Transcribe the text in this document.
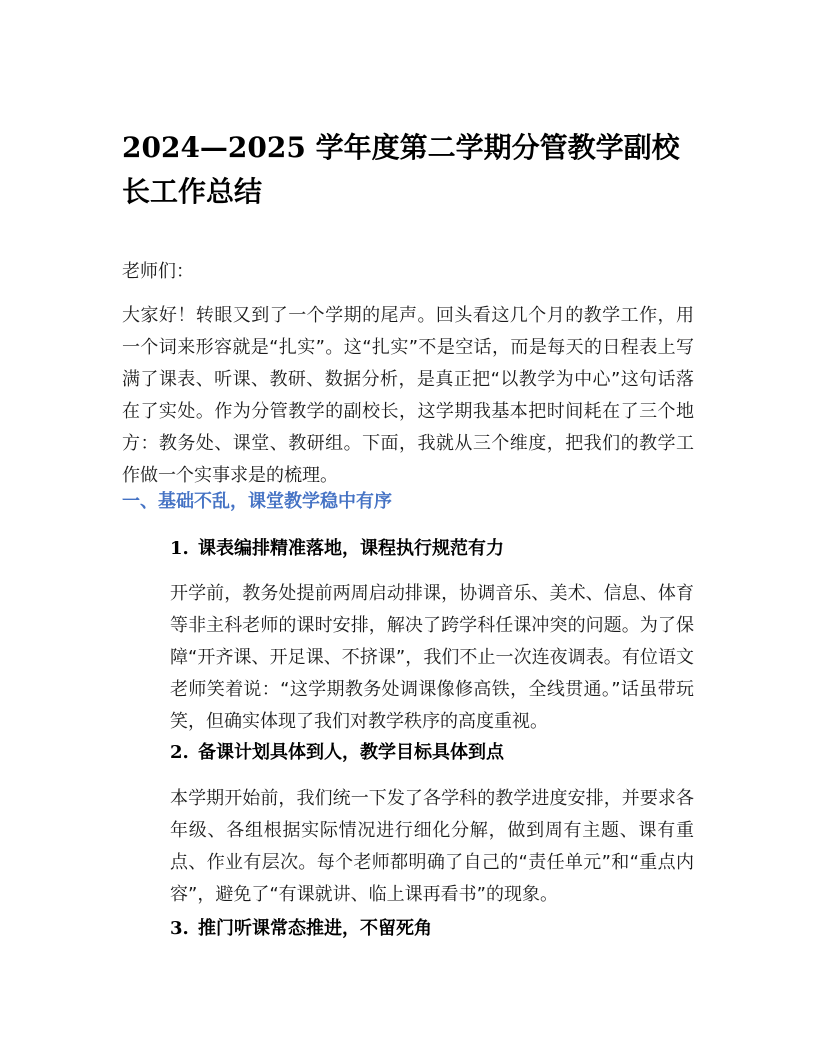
2024—2025 学年度第二学期分管教学副校长工作总结

老师们：

大家好！转眼又到了一个学期的尾声。回头看这几个月的教学工作，用一个词来形容就是“扎实”。这“扎实”不是空话，而是每天的日程表上写满了课表、听课、教研、数据分析，是真正把“以教学为中心”这句话落在了实处。作为分管教学的副校长，这学期我基本把时间耗在了三个地方：教务处、课堂、教研组。下面，我就从三个维度，把我们的教学工作做一个实事求是的梳理。

一、基础不乱，课堂教学稳中有序
1. 课表编排精准落地，课程执行规范有力

开学前，教务处提前两周启动排课，协调音乐、美术、信息、体育等非主科老师的课时安排，解决了跨学科任课冲突的问题。为了保障“开齐课、开足课、不挤课”，我们不止一次连夜调表。有位语文老师笑着说：“这学期教务处调课像修高铁，全线贯通。”话虽带玩笑，但确实体现了我们对教学秩序的高度重视。

2. 备课计划具体到人，教学目标具体到点

本学期开始前，我们统一下发了各学科的教学进度安排，并要求各年级、各组根据实际情况进行细化分解，做到周有主题、课有重点、作业有层次。每个老师都明确了自己的“责任单元”和“重点内容”，避免了“有课就讲、临上课再看书”的现象。

3. 推门听课常态推进，不留死角
